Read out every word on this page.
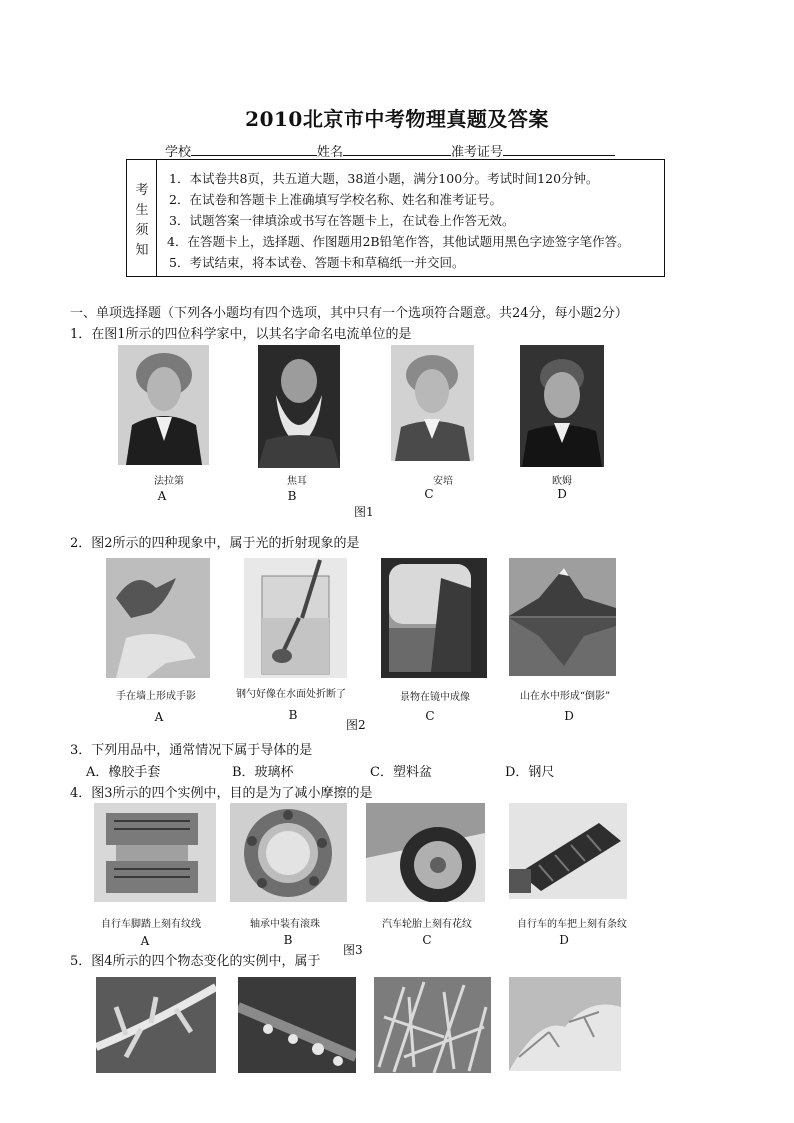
2010北京市中考物理真题及答案
学校	姓名	准考证号
考
生
须
知
1．本试卷共8页，共五道大题，38道小题，满分100分。考试时间120分钟。
2．在试卷和答题卡上准确填写学校名称、姓名和准考证号。
3．试题答案一律填涂或书写在答题卡上，在试卷上作答无效。
4．在答题卡上，选择题、作图题用2B铅笔作答，其他试题用黑色字迹签字笔作答。
5．考试结束，将本试卷、答题卡和草稿纸一并交回。
一、单项选择题（下列各小题均有四个选项，其中只有一个选项符合题意。共24分，每小题2分）
1．在图1所示的四位科学家中，以其名字命名电流单位的是
法拉第	焦耳	安培	欧姆
A	B	C	D
图1
2．图2所示的四种现象中，属于光的折射现象的是
手在墙上形成手影	钢勺好像在水面处折断了	景物在镜中成像	山在水中形成“倒影”
A	B	C	D
图2
3．下列用品中，通常情况下属于导体的是
A．橡胶手套	B．玻璃杯	C．塑料盆	D．钢尺
4．图3所示的四个实例中，目的是为了减小摩擦的是
自行车脚踏上刻有纹线	轴承中装有滚珠	汽车轮胎上刻有花纹	自行车的车把上刻有条纹
A	B	C	D
图3
5．图4所示的四个物态变化的实例中，属于
